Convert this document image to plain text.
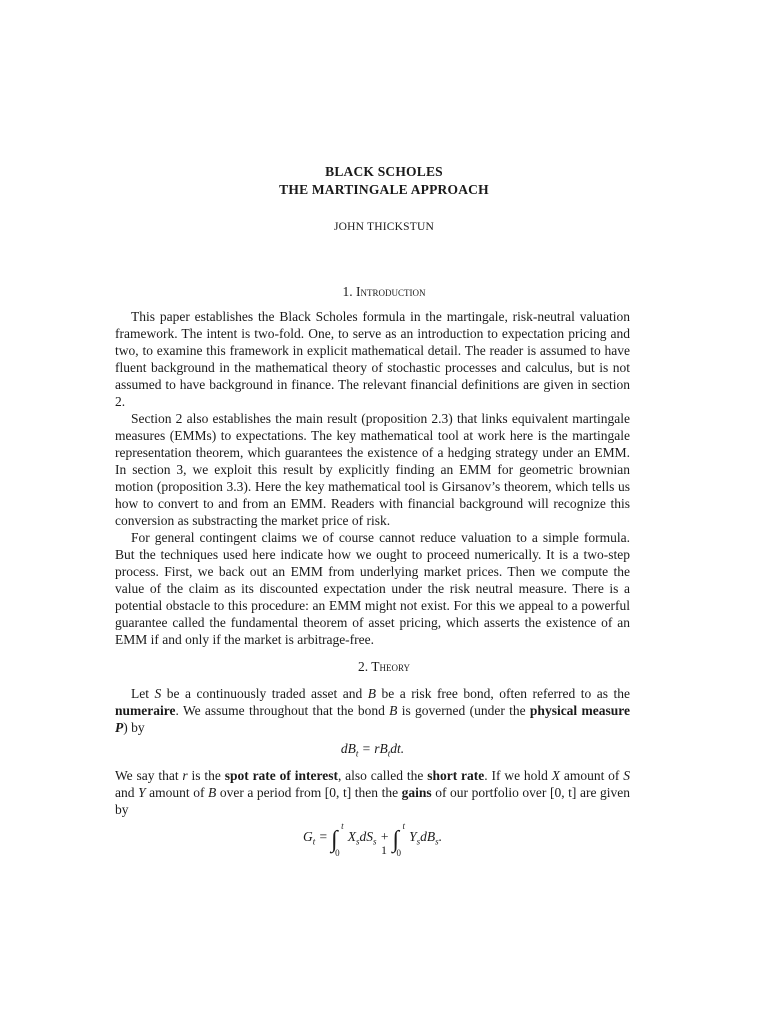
BLACK SCHOLES
THE MARTINGALE APPROACH
JOHN THICKSTUN
1. Introduction

This paper establishes the Black Scholes formula in the martingale, risk-neutral valuation framework. The intent is two-fold. One, to serve as an introduction to expectation pricing and two, to examine this framework in explicit mathematical detail. The reader is assumed to have fluent background in the mathematical theory of stochastic processes and calculus, but is not assumed to have background in finance. The relevant financial definitions are given in section 2.

Section 2 also establishes the main result (proposition 2.3) that links equivalent martingale measures (EMMs) to expectations. The key mathematical tool at work here is the martingale representation theorem, which guarantees the existence of a hedging strategy under an EMM. In section 3, we exploit this result by explicitly finding an EMM for geometric brownian motion (proposition 3.3). Here the key mathematical tool is Girsanov’s theorem, which tells us how to convert to and from an EMM. Readers with financial background will recognize this conversion as substracting the market price of risk.

For general contingent claims we of course cannot reduce valuation to a simple formula. But the techniques used here indicate how we ought to proceed numerically. It is a two-step process. First, we back out an EMM from underlying market prices. Then we compute the value of the claim as its discounted expectation under the risk neutral measure. There is a potential obstacle to this procedure: an EMM might not exist. For this we appeal to a powerful guarantee called the fundamental theorem of asset pricing, which asserts the existence of an EMM if and only if the market is arbitrage-free.

2. Theory

Let S be a continuously traded asset and B be a risk free bond, often referred to as the numeraire. We assume throughout that the bond B is governed (under the physical measure P) by

$dB_t = rB_tdt$.

We say that r is the spot rate of interest, also called the short rate. If we hold X amount of S and Y amount of B over a period from [0, t] then the gains of our portfolio over [0, t] are given by

$G_t$ = ∫
t
0
$X_sdS_s$ + ∫
t
0
$Y_sdB_s$.
1
